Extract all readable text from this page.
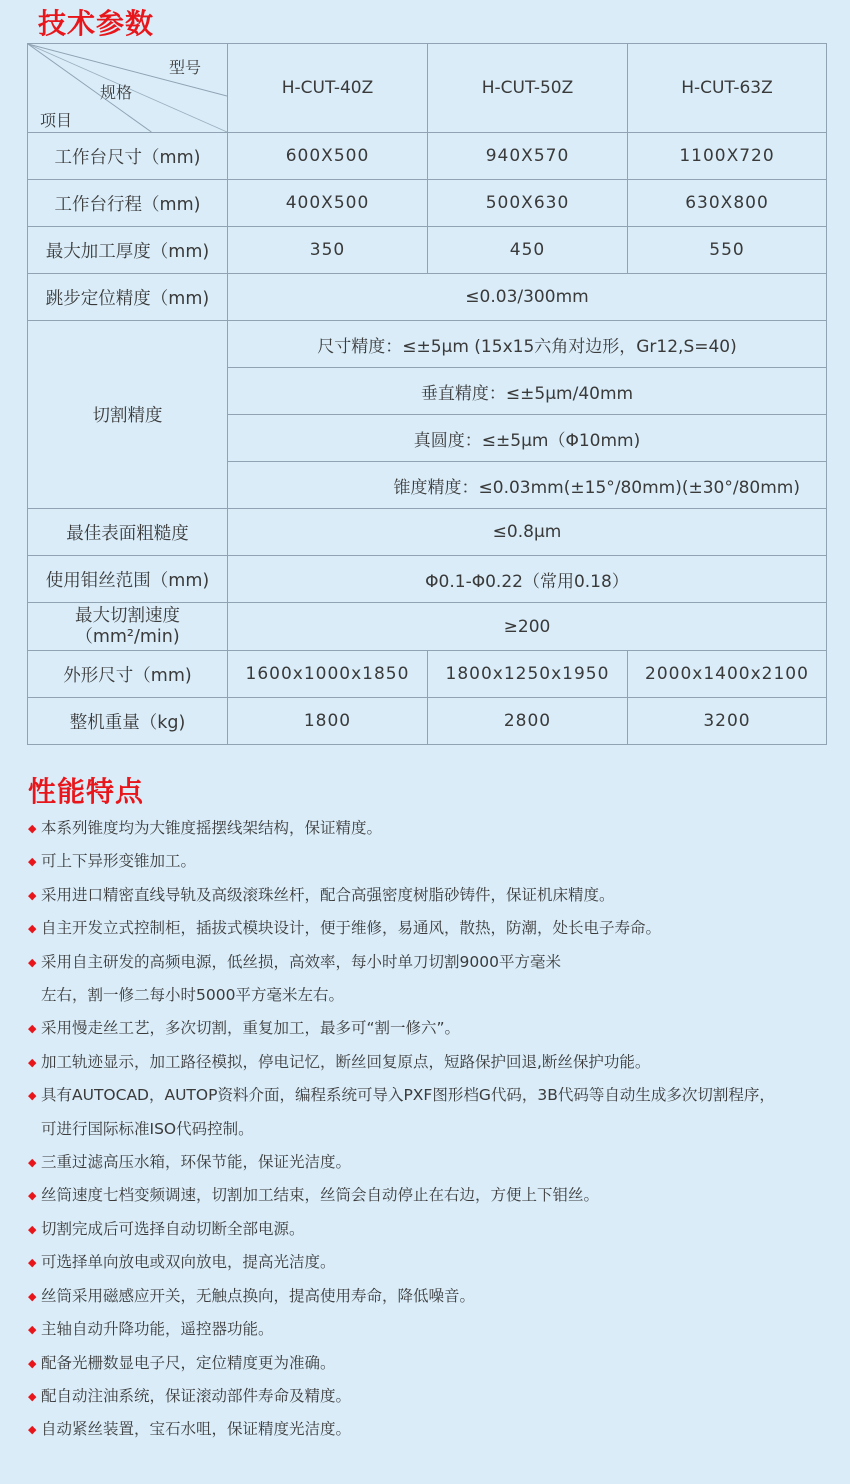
技术参数
型号
规格
项目	H-CUT-40Z	H-CUT-50Z	H-CUT-63Z
工作台尺寸（mm)	600X500	940X570	1100X720
工作台行程（mm)	400X500	500X630	630X800
最大加工厚度（mm)	350	450	550
跳步定位精度（mm)	≤0.03/300mm		
切割精度	尺寸精度：≤±5μm (15x15六角对边形，Gr12,S=40)		
	垂直精度：≤±5μm/40mm		
	真圆度：≤±5μm（Φ10mm)		
	锥度精度：≤0.03mm(±15°/80mm)(±30°/80mm)		
最佳表面粗糙度	≤0.8μm		
使用钼丝范围（mm)	Φ0.1-Φ0.22（常用0.18）		

最大切割速度
（mm²/min)	≥200		
外形尺寸（mm)	1600x1000x1850	1800x1250x1950	2000x1400x2100
整机重量（kg)	1800	2800	3200
性能特点
◆ 本系列锥度均为大锥度摇摆线架结构，保证精度。
◆ 可上下异形变锥加工。
◆ 采用进口精密直线导轨及高级滚珠丝杆，配合高强密度树脂砂铸件，保证机床精度。
◆ 自主开发立式控制柜，插拔式模块设计，便于维修，易通风，散热，防潮，处长电子寿命。
◆ 采用自主研发的高频电源，低丝损，高效率，每小时单刀切割9000平方毫米
左右，割一修二每小时5000平方毫米左右。
◆ 采用慢走丝工艺，多次切割，重复加工，最多可“割一修六”。
◆ 加工轨迹显示，加工路径模拟，停电记忆，断丝回复原点，短路保护回退,断丝保护功能。
◆ 具有AUTOCAD，AUTOP资料介面，编程系统可导入PXF图形档G代码，3B代码等自动生成多次切割程序，
可进行国际标准ISO代码控制。
◆ 三重过滤高压水箱，环保节能，保证光洁度。
◆ 丝筒速度七档变频调速，切割加工结束，丝筒会自动停止在右边，方便上下钼丝。
◆ 切割完成后可选择自动切断全部电源。
◆ 可选择单向放电或双向放电，提高光洁度。
◆ 丝筒采用磁感应开关，无触点换向，提高使用寿命，降低噪音。
◆ 主轴自动升降功能，遥控器功能。
◆ 配备光栅数显电子尺，定位精度更为准确。
◆ 配自动注油系统，保证滚动部件寿命及精度。
◆ 自动紧丝装置，宝石水咀，保证精度光洁度。
